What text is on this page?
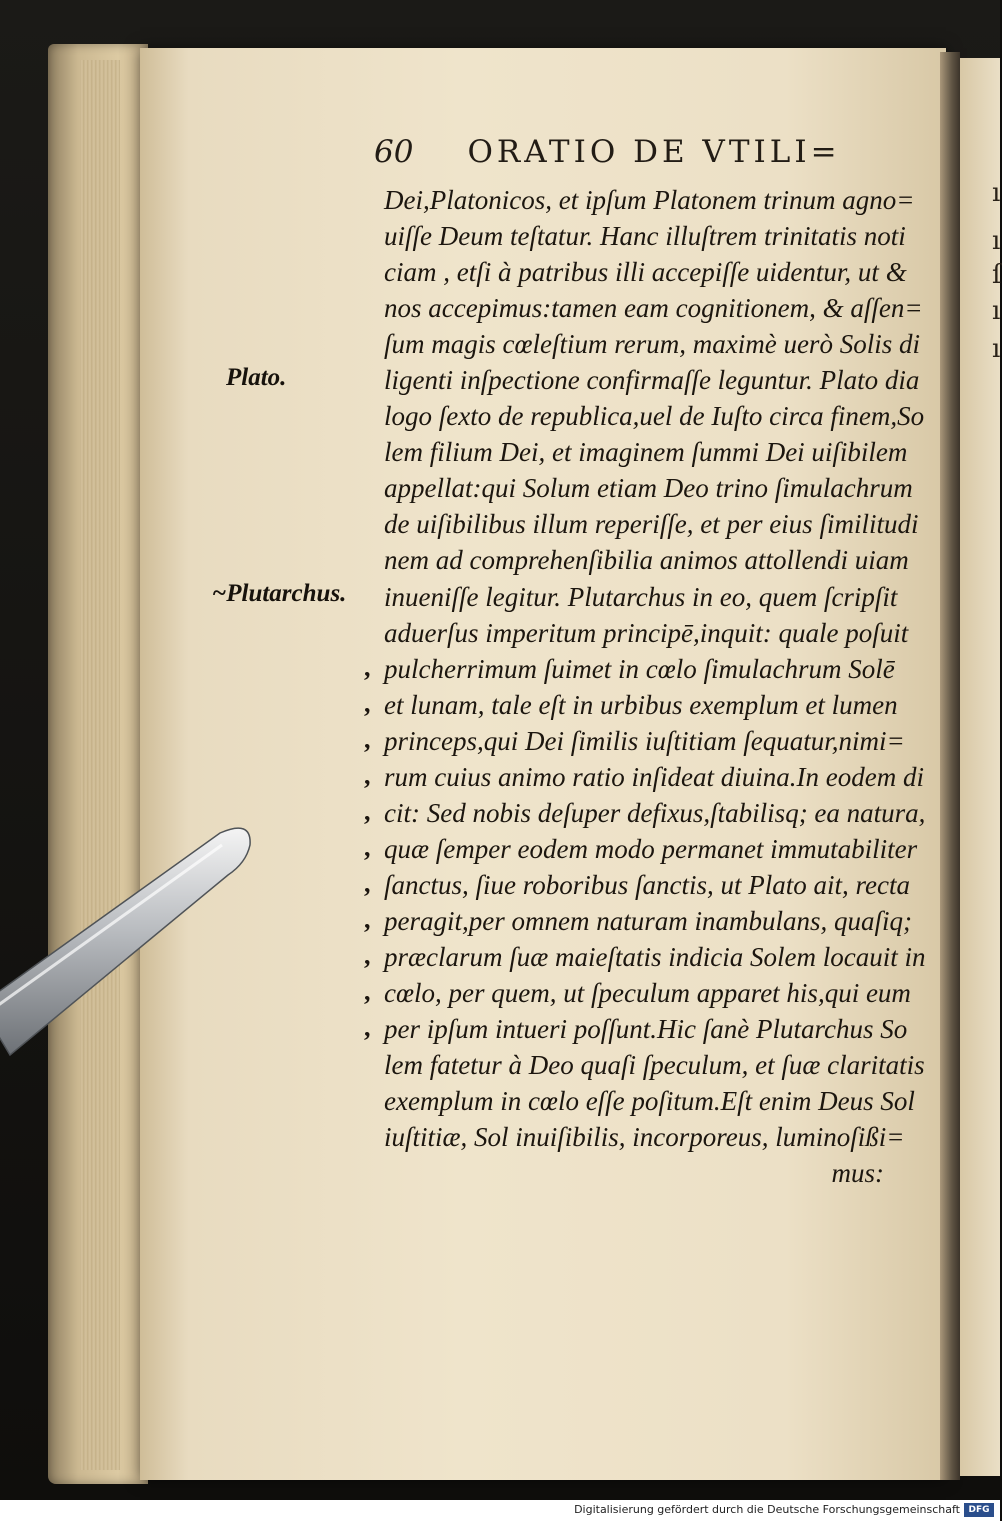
ı
ı
ſ
ı
ı
60 ORATIO DE VTILI=
Plato.
~Plutarchus.
,
,
,
,
,
,
,
,
,
,
,
Dei,Platonicos, et ipſum Platonem trinum agno=
uiſſe Deum teſtatur. Hanc illuſtrem trinitatis noti
ciam , etſi à patribus illi accepiſſe uidentur, ut &
nos accepimus:tamen eam cognitionem, & aſſen=
ſum magis cœleſtium rerum, maximè uerò Solis di
ligenti inſpectione confirmaſſe leguntur. Plato dia
logo ſexto de republica,uel de Iuſto circa finem,So
lem filium Dei, et imaginem ſummi Dei uiſibilem
appellat:qui Solum etiam Deo trino ſimulachrum
de uiſibilibus illum reperiſſe, et per eius ſimilitudi
nem ad comprehenſibilia animos attollendi uiam
inueniſſe legitur. Plutarchus in eo, quem ſcripſit
aduerſus imperitum principē,inquit: quale poſuit
pulcherrimum ſuimet in cœlo ſimulachrum Solē
et lunam, tale eſt in urbibus exemplum et lumen
princeps,qui Dei ſimilis iuſtitiam ſequatur,nimi=
rum cuius animo ratio inſideat diuina.In eodem di
cit: Sed nobis deſuper defixus,ſtabilisq; ea natura,
quæ ſemper eodem modo permanet immutabiliter
ſanctus, ſiue roboribus ſanctis, ut Plato ait, recta
peragit,per omnem naturam inambulans, quaſiq;
præclarum ſuæ maieſtatis indicia Solem locauit in
cœlo, per quem, ut ſpeculum apparet his,qui eum
per ipſum intueri poſſunt.Hic ſanè Plutarchus So
lem fatetur à Deo quaſi ſpeculum, et ſuæ claritatis
exemplum in cœlo eſſe poſitum.Eſt enim Deus Sol
iuſtitiæ, Sol inuiſibilis, incorporeus, luminoſißi=
mus:
Digitalisierung gefördert durch die Deutsche Forschungsgemeinschaft DFG
